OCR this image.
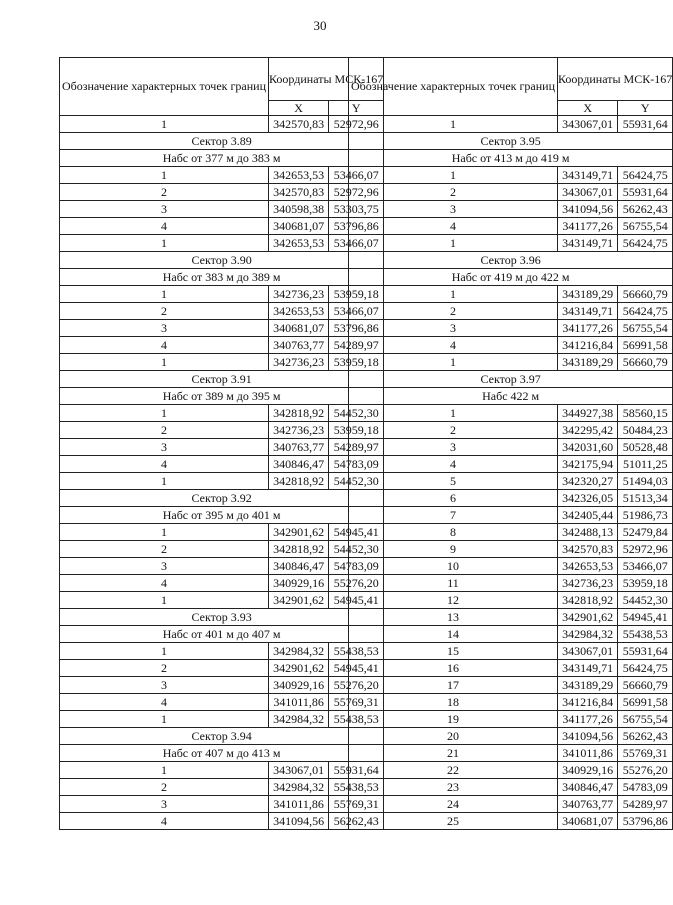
30
Обозначение характерных точек границ	Координаты МСК-167	
	X	Y
1	342570,83	52972,96
Сектор 3.89		
Набс от 377 м до 383 м		
1	342653,53	53466,07
2	342570,83	52972,96
3	340598,38	53303,75
4	340681,07	53796,86
1	342653,53	53466,07
Сектор 3.90		
Набс от 383 м до 389 м		
1	342736,23	53959,18
2	342653,53	53466,07
3	340681,07	53796,86
4	340763,77	54289,97
1	342736,23	53959,18
Сектор 3.91		
Набс от 389 м до 395 м		
1	342818,92	54452,30
2	342736,23	53959,18
3	340763,77	54289,97
4	340846,47	54783,09
1	342818,92	54452,30
Сектор 3.92		
Набс от 395 м до 401 м		
1	342901,62	54945,41
2	342818,92	54452,30
3	340846,47	54783,09
4	340929,16	55276,20
1	342901,62	54945,41
Сектор 3.93		
Набс от 401 м до 407 м		
1	342984,32	55438,53
2	342901,62	54945,41
3	340929,16	55276,20
4	341011,86	55769,31
1	342984,32	55438,53
Сектор 3.94		
Набс от 407 м до 413 м		
1	343067,01	55931,64
2	342984,32	55438,53
3	341011,86	55769,31
4	341094,56	56262,43
Обозначение характерных точек границ	Координаты МСК-167	
	X	Y
1	343067,01	55931,64
Сектор 3.95		
Набс от 413 м до 419 м		
1	343149,71	56424,75
2	343067,01	55931,64
3	341094,56	56262,43
4	341177,26	56755,54
1	343149,71	56424,75
Сектор 3.96		
Набс от 419 м до 422 м		
1	343189,29	56660,79
2	343149,71	56424,75
3	341177,26	56755,54
4	341216,84	56991,58
1	343189,29	56660,79
Сектор 3.97		
Набс 422 м		
1	344927,38	58560,15
2	342295,42	50484,23
3	342031,60	50528,48
4	342175,94	51011,25
5	342320,27	51494,03
6	342326,05	51513,34
7	342405,44	51986,73
8	342488,13	52479,84
9	342570,83	52972,96
10	342653,53	53466,07
11	342736,23	53959,18
12	342818,92	54452,30
13	342901,62	54945,41
14	342984,32	55438,53
15	343067,01	55931,64
16	343149,71	56424,75
17	343189,29	56660,79
18	341216,84	56991,58
19	341177,26	56755,54
20	341094,56	56262,43
21	341011,86	55769,31
22	340929,16	55276,20
23	340846,47	54783,09
24	340763,77	54289,97
25	340681,07	53796,86
